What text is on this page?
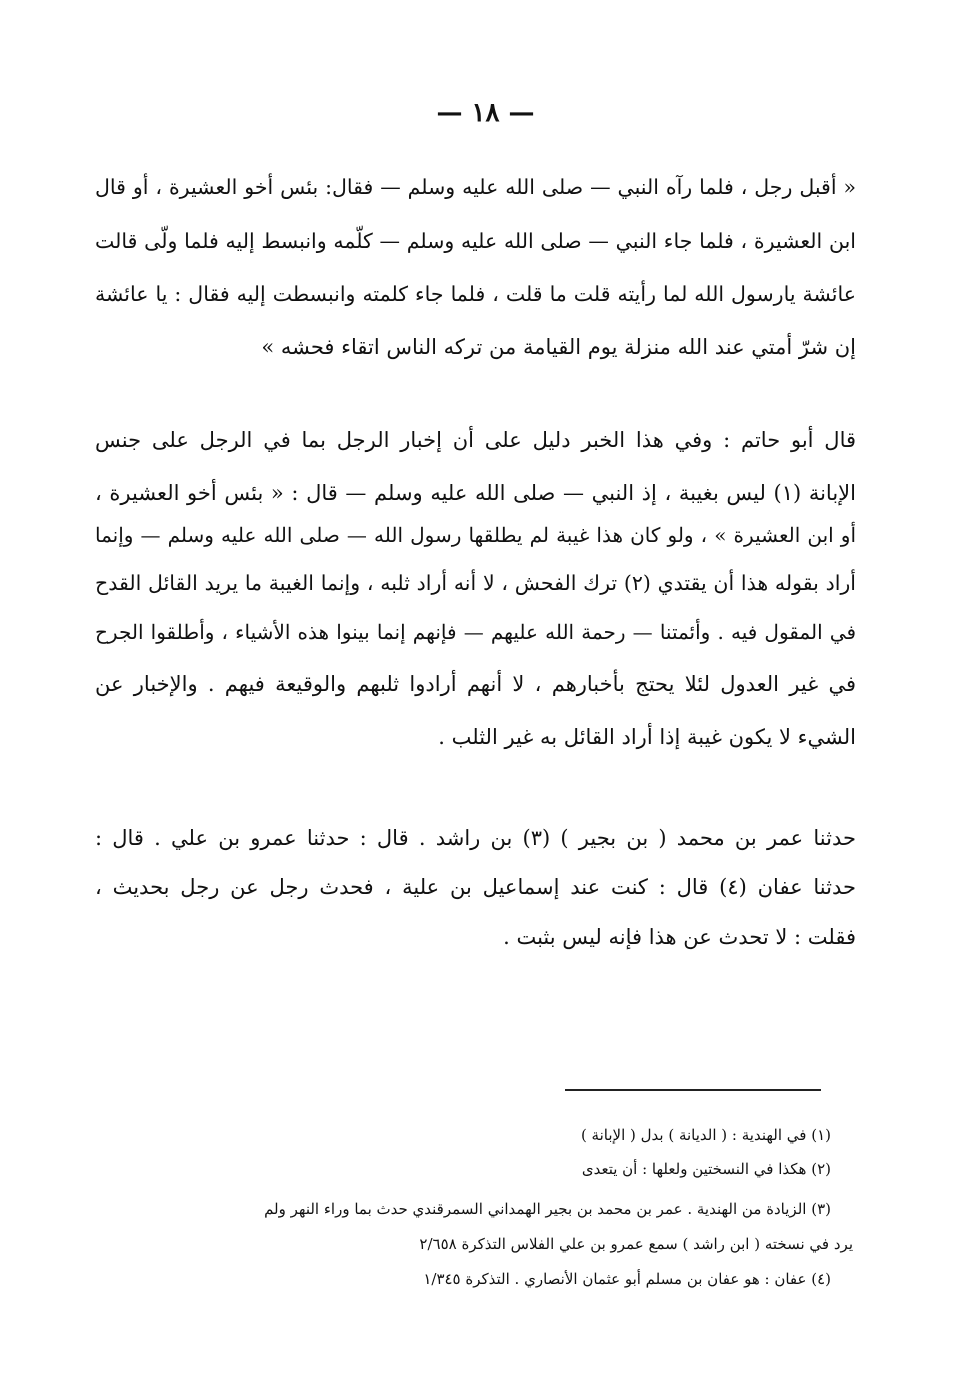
— ١٨ —
« أقبل رجل ، فلما رآه النبي — صلى الله عليه وسلم — فقال: بئس أخو العشيرة ، أو قال
ابن العشيرة ، فلما جاء النبي — صلى الله عليه وسلم — كلّمه وانبسط إليه فلما ولّى قالت
عائشة يارسول الله لما رأيته قلت ما قلت ، فلما جاء كلمته وانبسطت إليه فقال : يا عائشة
إن شرّ أمتي عند الله منزلة يوم القيامة من تركه الناس اتقاء فحشه »
قال أبو حاتم : وفي هذا الخبر دليل على أن إخبار الرجل بما في الرجل على جنس
الإبانة (١) ليس بغيبة ، إذ النبي — صلى الله عليه وسلم — قال : « بئس أخو العشيرة ،
أو ابن العشيرة » ، ولو كان هذا غيبة لم يطلقها رسول الله — صلى الله عليه وسلم — وإنما
أراد بقوله هذا أن يقتدي (٢) ترك الفحش ، لا أنه أراد ثلبه ، وإنما الغيبة ما يريد القائل القدح
في المقول فيه . وأئمتنا — رحمة الله عليهم — فإنهم إنما بينوا هذه الأشياء ، وأطلقوا الجرح
في غير العدول لئلا يحتج بأخبارهم ، لا أنهم أرادوا ثلبهم والوقيعة فيهم . والإخبار عن
الشيء لا يكون غيبة إذا أراد القائل به غير الثلب .
حدثنا عمر بن محمد ( بن بجير ) (٣) بن راشد . قال : حدثنا عمرو بن علي . قال :
حدثنا عفان (٤) قال : كنت عند إسماعيل بن علية ، فحدث رجل عن رجل بحديث ،
فقلت : لا تحدث عن هذا فإنه ليس بثبت .
(١) في الهندية : ( الديانة ) بدل ( الإبانة )
(٢) هكذا في النسختين ولعلها : أن يتعدى
(٣) الزيادة من الهندية . عمر بن محمد بن بجير الهمداني السمرقندي حدث بما وراء النهر ولم
يرد في نسخته ( ابن راشد ) سمع عمرو بن علي الفلاس التذكرة ٢/٦٥٨
(٤) عفان : هو عفان بن مسلم أبو عثمان الأنصاري . التذكرة ١/٣٤٥
